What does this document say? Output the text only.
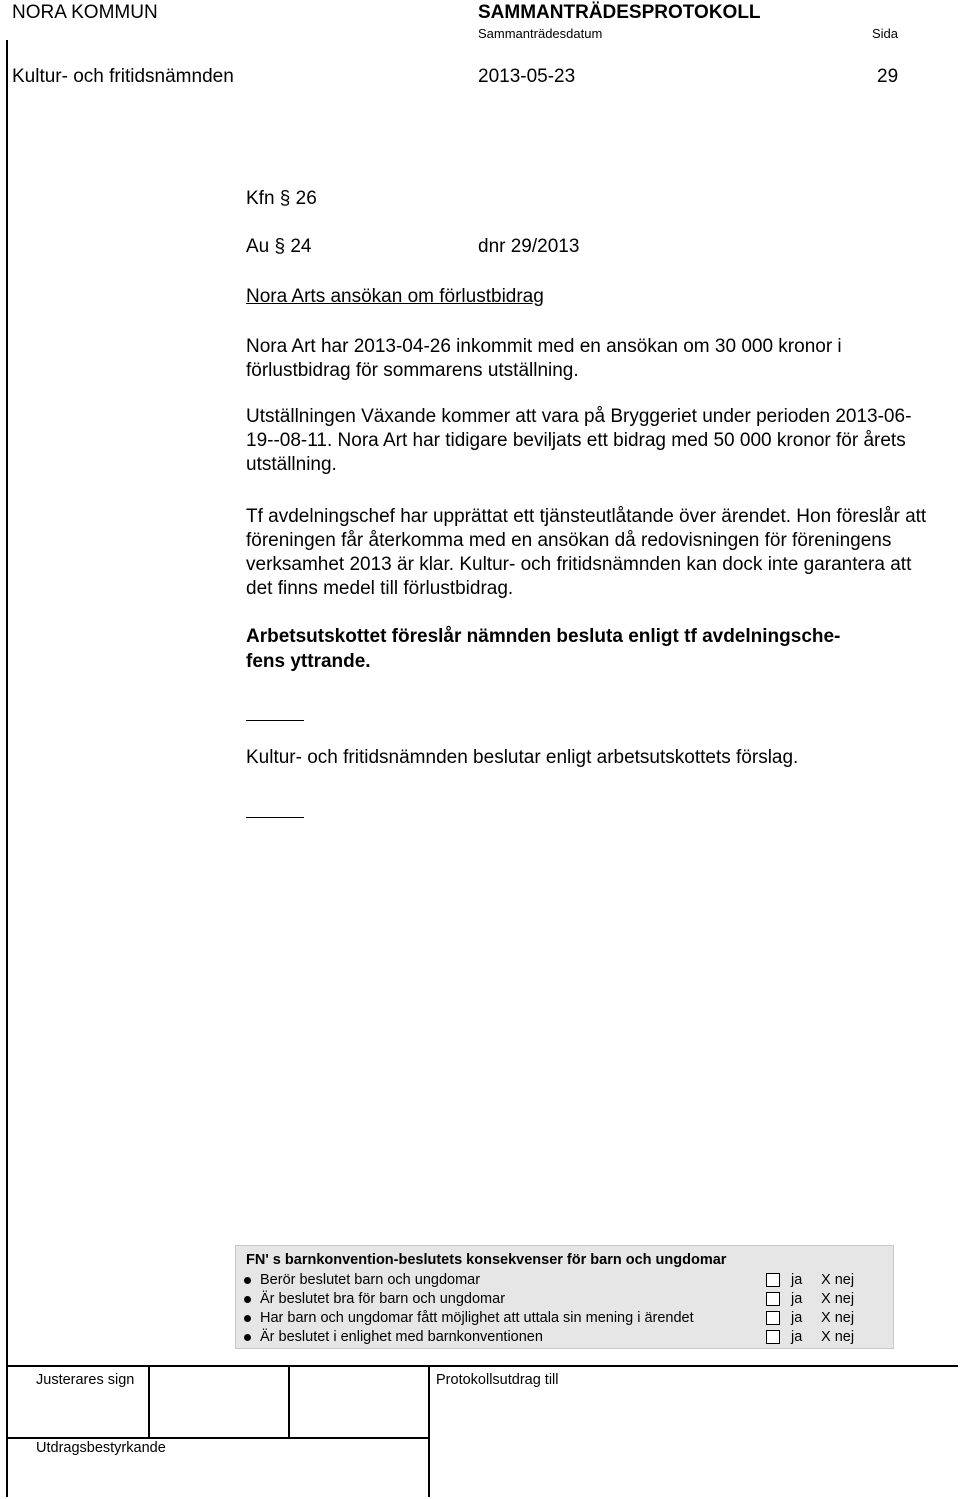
NORA KOMMUN	SAMMANTRÄDESPROTOKOLL
Sammanträdesdatum	Sida
Kultur- och fritidsnämnden	2013-05-23	29
Kfn § 26
Au § 24	dnr 29/2013
Nora Arts ansökan om förlustbidrag

Nora Art har 2013-04-26 inkommit med en ansökan om 30 000 kronor i förlustbidrag för sommarens utställning.

Utställningen Växande kommer att vara på Bryggeriet under perioden 2013-06-19--08-11. Nora Art har tidigare beviljats ett bidrag med 50 000 kronor för årets utställning.

Tf avdelningschef har upprättat ett tjänsteutlåtande över ärendet. Hon föreslår att föreningen får återkomma med en ansökan då redovisningen för föreningens verksamhet 2013 är klar. Kultur- och fritidsnämnden kan dock inte garantera att det finns medel till förlustbidrag.

Arbetsutskottet föreslår nämnden besluta enligt tf avdelningsche-
fens yttrande.
Kultur- och fritidsnämnden beslutar enligt arbetsutskottets förslag.
FN' s barnkonvention-beslutets konsekvenser för barn och ungdomar
Berör beslutet barn och ungdomar	ja X nej
Är beslutet bra för barn och ungdomar	ja X nej
Har barn och ungdomar fått möjlighet att uttala sin mening i ärendet	ja X nej
Är beslutet i enlighet med barnkonventionen	ja X nej
Justerares sign	Protokollsutdrag till
Utdragsbestyrkande
